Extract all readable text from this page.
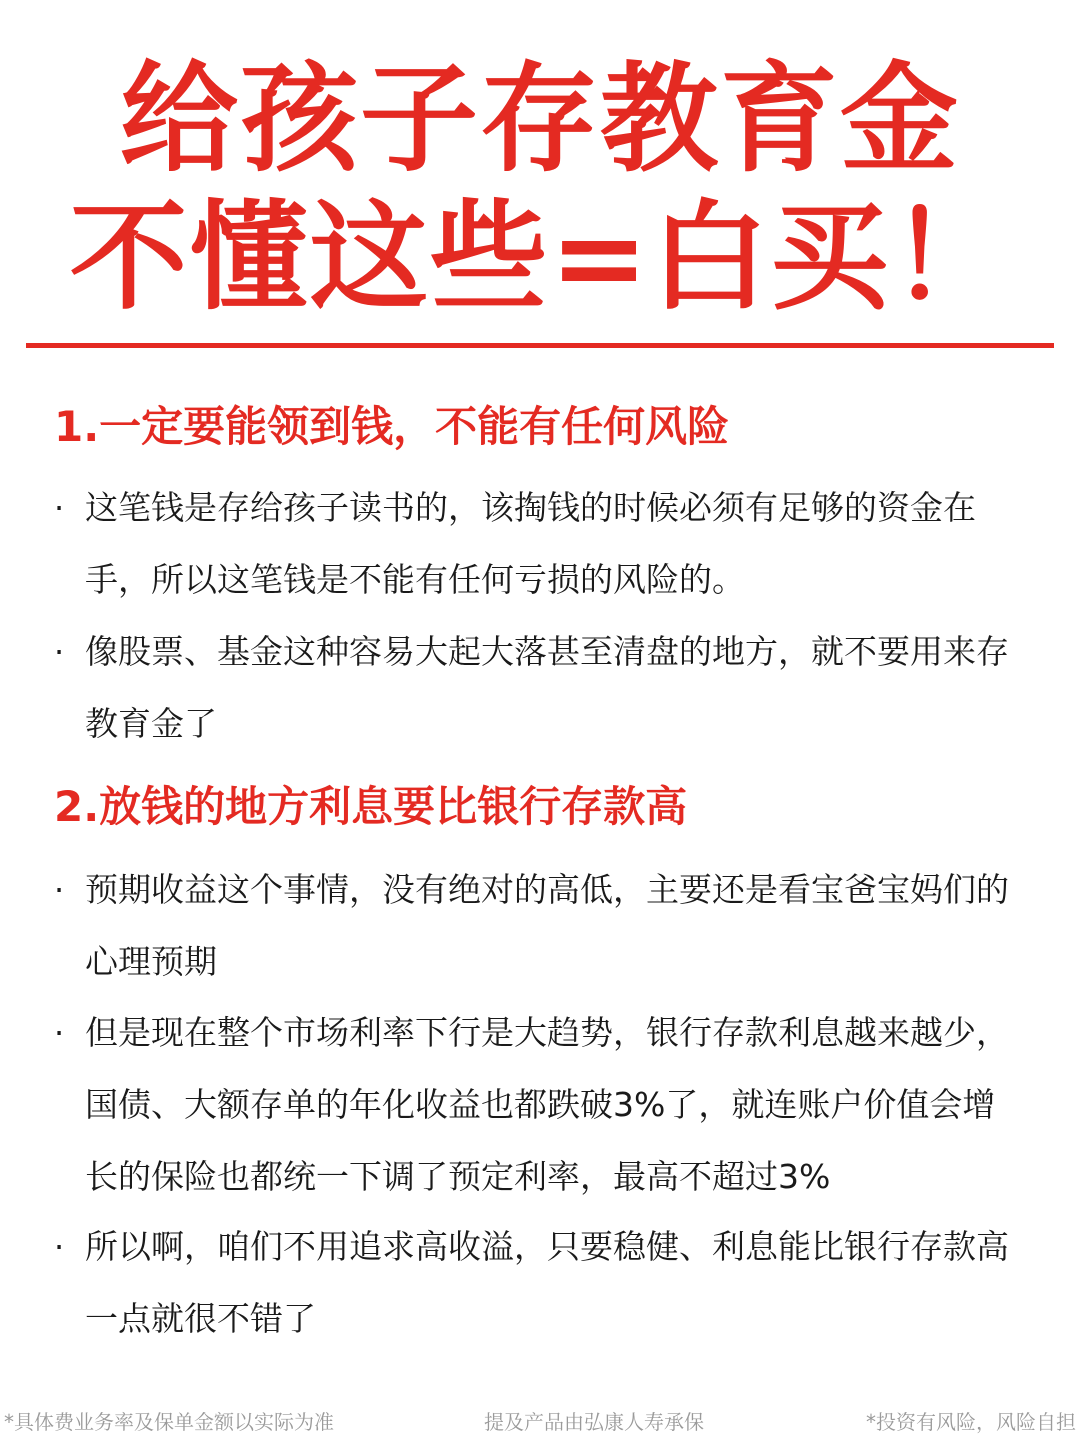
给孩子存教育金
不懂这些=白买！
1.一定要能领到钱，不能有任何风险
· 这笔钱是存给孩子读书的，该掏钱的时候必须有足够的资金在手，所以这笔钱是不能有任何亏损的风险的。
· 像股票、基金这种容易大起大落甚至清盘的地方，就不要用来存教育金了
2.放钱的地方利息要比银行存款高
· 预期收益这个事情，没有绝对的高低，主要还是看宝爸宝妈们的心理预期
· 但是现在整个市场利率下行是大趋势，银行存款利息越来越少，国债、大额存单的年化收益也都跌破3%了，就连账户价值会增长的保险也都统一下调了预定利率，最高不超过3%
· 所以啊，咱们不用追求高收溢，只要稳健、利息能比银行存款高一点就很不错了
*具体费业务率及保单金额以实际为准	提及产品由弘康人寿承保	*投资有风险，风险自担
